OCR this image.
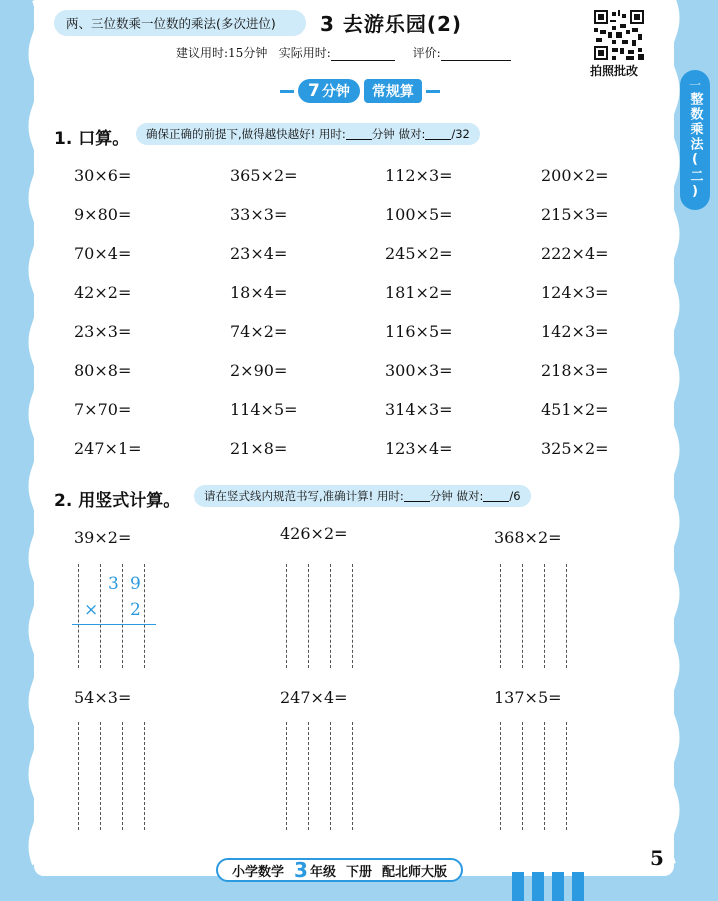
两、三位数乘一位数的乘法(多次进位) 3 去游乐园(2)
建议用时:15分钟 实际用时:	评价:
拍照批改
一
整数乘法(二)
7 分钟	常规算
1. 口算。 确保正确的前提下,做得越快越好! 用时: 分钟 做对: /32
30×6=	365×2=	112×3=	200×2=
9×80=	33×3=	100×5=	215×3=
70×4=	23×4=	245×2=	222×4=
42×2=	18×4=	181×2=	124×3=
23×3=	74×2=	116×5=	142×3=
80×8=	2×90=	300×3=	218×3=
7×70=	114×5=	314×3=	451×2=
247×1=	21×8=	123×4=	325×2=
2. 用竖式计算。 请在竖式线内规范书写,准确计算! 用时: 分钟 做对: /6
39×2=	426×2=	368×2=
54×3=	247×4=	137×5=
3 9
× 2
小学数学 3 年级 下册 配北师大版
5
